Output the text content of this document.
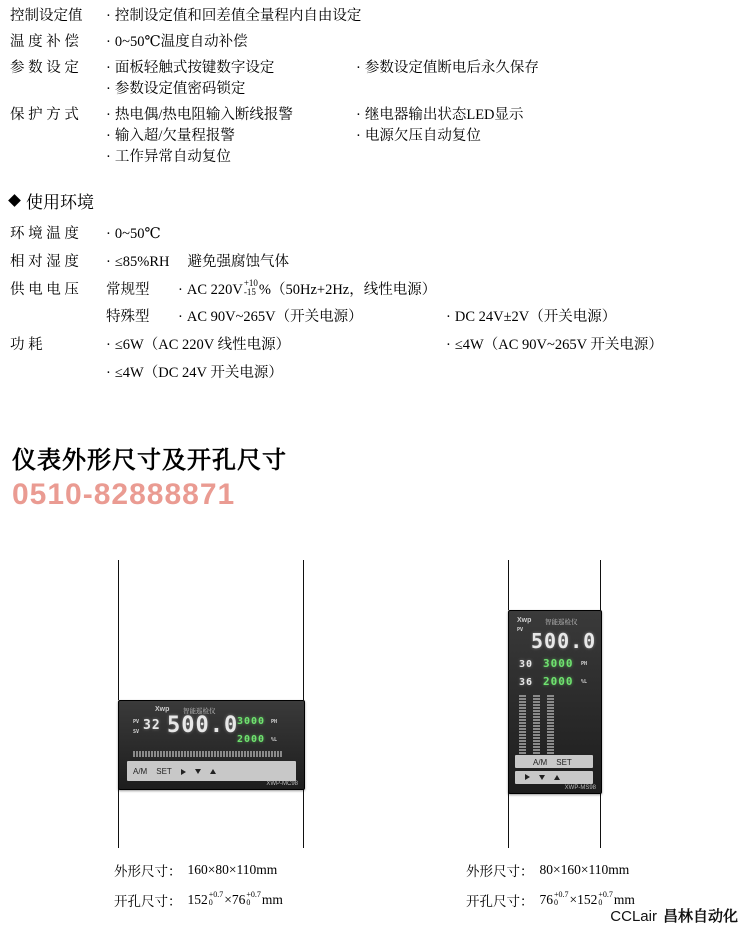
控制设定值	· 控制设定值和回差值全量程内自由设定
温 度 补 偿	· 0~50℃温度自动补偿
参 数 设 定	· 面板轻触式按键数字设定	· 参数设定值断电后永久保存
· 参数设定值密码锁定
保 护 方 式	· 热电偶/热电阻输入断线报警	· 继电器输出状态LED显示
· 输入超/欠量程报警	· 电源欠压自动复位
· 工作异常自动复位
使用环境
环 境 温 度	· 0~50℃
相 对 湿 度	· ≤85%RH 避免强腐蚀气体
供 电 电 压	常规型	· AC 220V +10
-15 %（50Hz+2Hz，线性电源）
特殊型	· AC 90V~265V（开关电源）	· DC 24V±2V（开关电源）
功 耗	· ≤6W（AC 220V 线性电源）	· ≤4W（AC 90V~265V 开关电源）
· ≤4W（DC 24V 开关电源）
仪表外形尺寸及开孔尺寸
0510-82888871
Xwp 智能巡检仪
PV
SV 32 500.0
3000 PH
2000 %L
A/M SET
XWP-MC98
Xwp 智能巡检仪
PV 500.0
30 3000 PH
36 2000 %L
A/M SET
XWP-MS98
外形尺寸： 160×80×110mm
开孔尺寸： 152 +0.7
0 × 76 +0.7
0 mm
外形尺寸： 80×160×110mm
开孔尺寸： 76 +0.7
0 × 152 +0.7
0 mm
CCLair 昌林自动化
